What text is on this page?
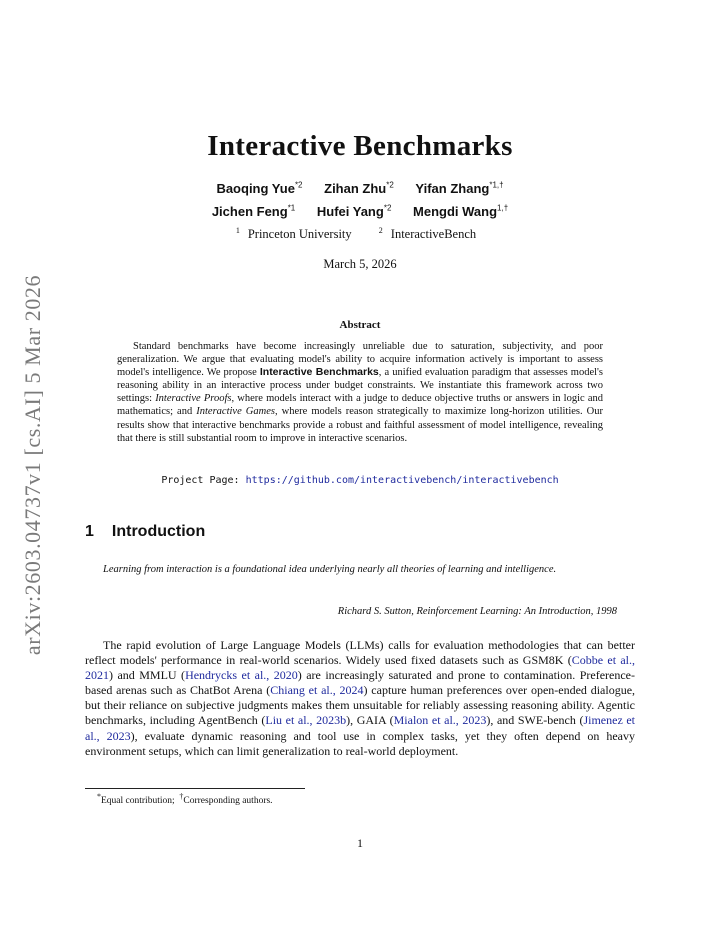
arXiv:2603.04737v1 [cs.AI] 5 Mar 2026
Interactive Benchmarks
Baoqing Yue$^{*2}$ Zihan Zhu$^{*2}$ Yifan Zhang$^{*1,\dagger}$
Jichen Feng$^{*1}$ Hufei Yang$^{*2}$ Mengdi Wang$^{1,\dagger}$
$^1$ Princeton University	$^2$ InteractiveBench
March 5, 2026
Abstract
Standard benchmarks have become increasingly unreliable due to saturation, subjectivity, and poor generalization. We argue that evaluating model's ability to acquire information actively is important to assess model's intelligence. We propose Interactive Benchmarks, a unified evaluation paradigm that assesses model's reasoning ability in an interactive process under budget constraints. We instantiate this framework across two settings: Interactive Proofs, where models interact with a judge to deduce objective truths or answers in logic and mathematics; and Interactive Games, where models reason strategically to maximize long-horizon utilities. Our results show that interactive benchmarks provide a robust and faithful assessment of model intelligence, revealing that there is still substantial room to improve in interactive scenarios.
Project Page: https://github.com/interactivebench/interactivebench
1 Introduction
Learning from interaction is a foundational idea underlying nearly all theories of learning and intelligence.
Richard S. Sutton, Reinforcement Learning: An Introduction, 1998
The rapid evolution of Large Language Models (LLMs) calls for evaluation methodologies that can better reflect models' performance in real-world scenarios. Widely used fixed datasets such as GSM8K (Cobbe et al., 2021) and MMLU (Hendrycks et al., 2020) are increasingly saturated and prone to contamination. Preference-based arenas such as ChatBot Arena (Chiang et al., 2024) capture human preferences over open-ended dialogue, but their reliance on subjective judgments makes them unsuitable for reliably assessing reasoning ability. Agentic benchmarks, including AgentBench (Liu et al., 2023b), GAIA (Mialon et al., 2023), and SWE-bench (Jimenez et al., 2023), evaluate dynamic reasoning and tool use in complex tasks, yet they often depend on heavy environment setups, which can limit generalization to real-world deployment.
*Equal contribution; †Corresponding authors.
1
